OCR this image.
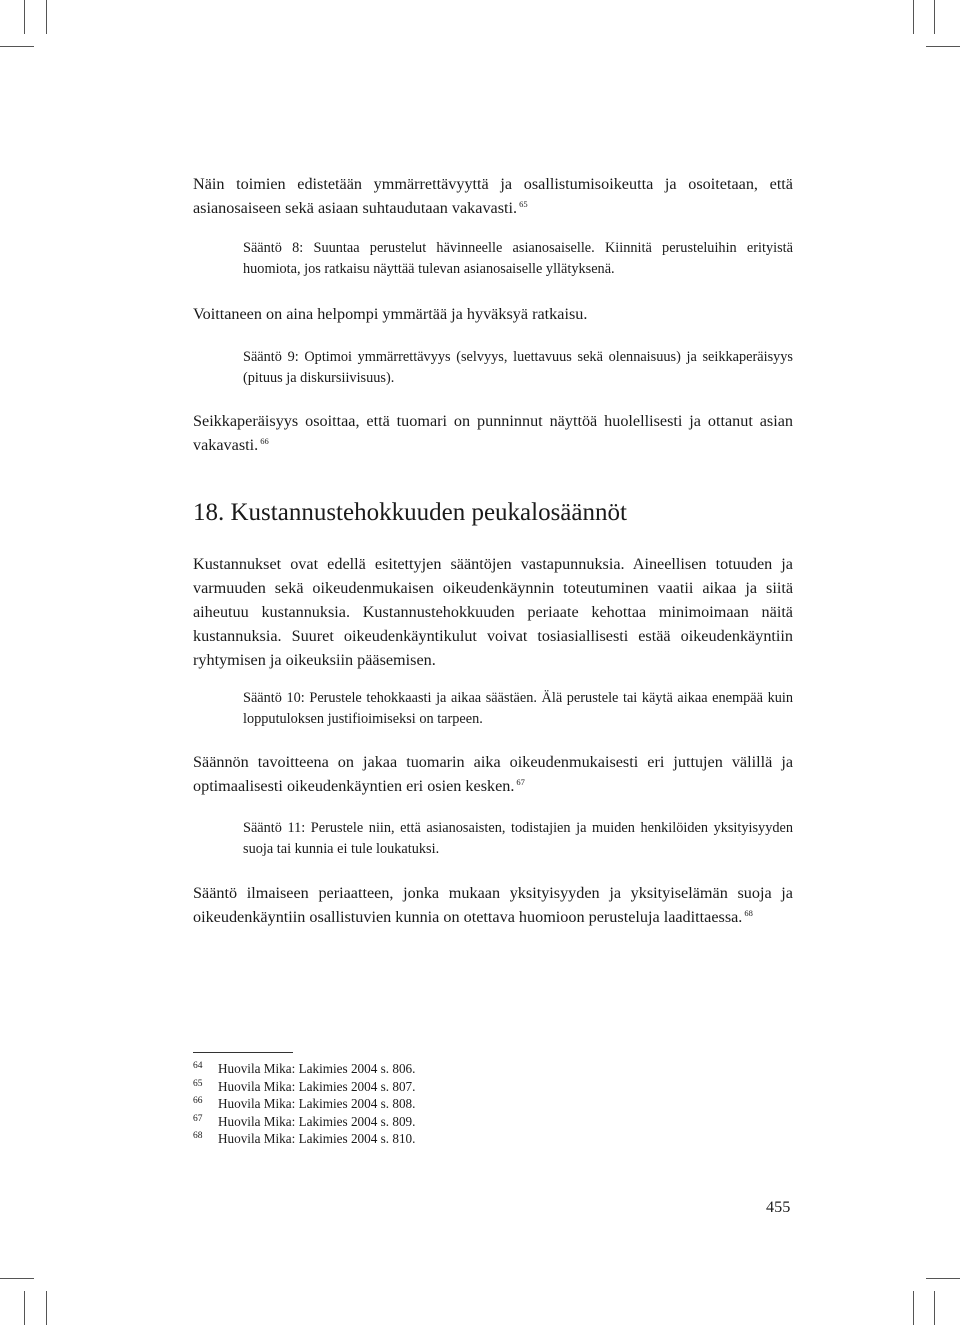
Näin toimien edistetään ymmärrettävyyttä ja osallistumisoikeutta ja osoitetaan, että asianosaiseen sekä asiaan suhtaudutaan vakavasti. $^{65}$

Sääntö 8: Suuntaa perustelut hävinneelle asianosaiselle. Kiinnitä perusteluihin erityistä huomiota, jos ratkaisu näyttää tulevan asianosaiselle yllätyksenä.

Voittaneen on aina helpompi ymmärtää ja hyväksyä ratkaisu.

Sääntö 9: Optimoi ymmärrettävyys (selvyys, luettavuus sekä olennaisuus) ja seikkaperäisyys (pituus ja diskursiivisuus).

Seikkaperäisyys osoittaa, että tuomari on punninnut näyttöä huolellisesti ja ottanut asian vakavasti. $^{66}$

18. Kustannustehokkuuden peukalosäännöt

Kustannukset ovat edellä esitettyjen sääntöjen vastapunnuksia. Aineellisen totuuden ja varmuuden sekä oikeudenmukaisen oikeudenkäynnin toteutuminen vaatii aikaa ja siitä aiheutuu kustannuksia. Kustannustehokkuuden periaate kehottaa minimoimaan näitä kustannuksia. Suuret oikeudenkäyntikulut voivat tosiasiallisesti estää oikeudenkäyntiin ryhtymisen ja oikeuksiin pääsemisen.

Sääntö 10: Perustele tehokkaasti ja aikaa säästäen. Älä perustele tai käytä aikaa enempää kuin lopputuloksen justifioimiseksi on tarpeen.

Säännön tavoitteena on jakaa tuomarin aika oikeudenmukaisesti eri juttujen välillä ja optimaalisesti oikeudenkäyntien eri osien kesken. $^{67}$

Sääntö 11: Perustele niin, että asianosaisten, todistajien ja muiden henkilöiden yksityisyyden suoja tai kunnia ei tule loukatuksi.

Sääntö ilmaiseen periaatteen, jonka mukaan yksityisyyden ja yksityiselämän suoja ja oikeudenkäyntiin osallistuvien kunnia on otettava huomioon perusteluja laadittaessa. $^{68}$

64 Huovila Mika: Lakimies 2004 s. 806.
65 Huovila Mika: Lakimies 2004 s. 807.
66 Huovila Mika: Lakimies 2004 s. 808.
67 Huovila Mika: Lakimies 2004 s. 809.
68 Huovila Mika: Lakimies 2004 s. 810.
455
